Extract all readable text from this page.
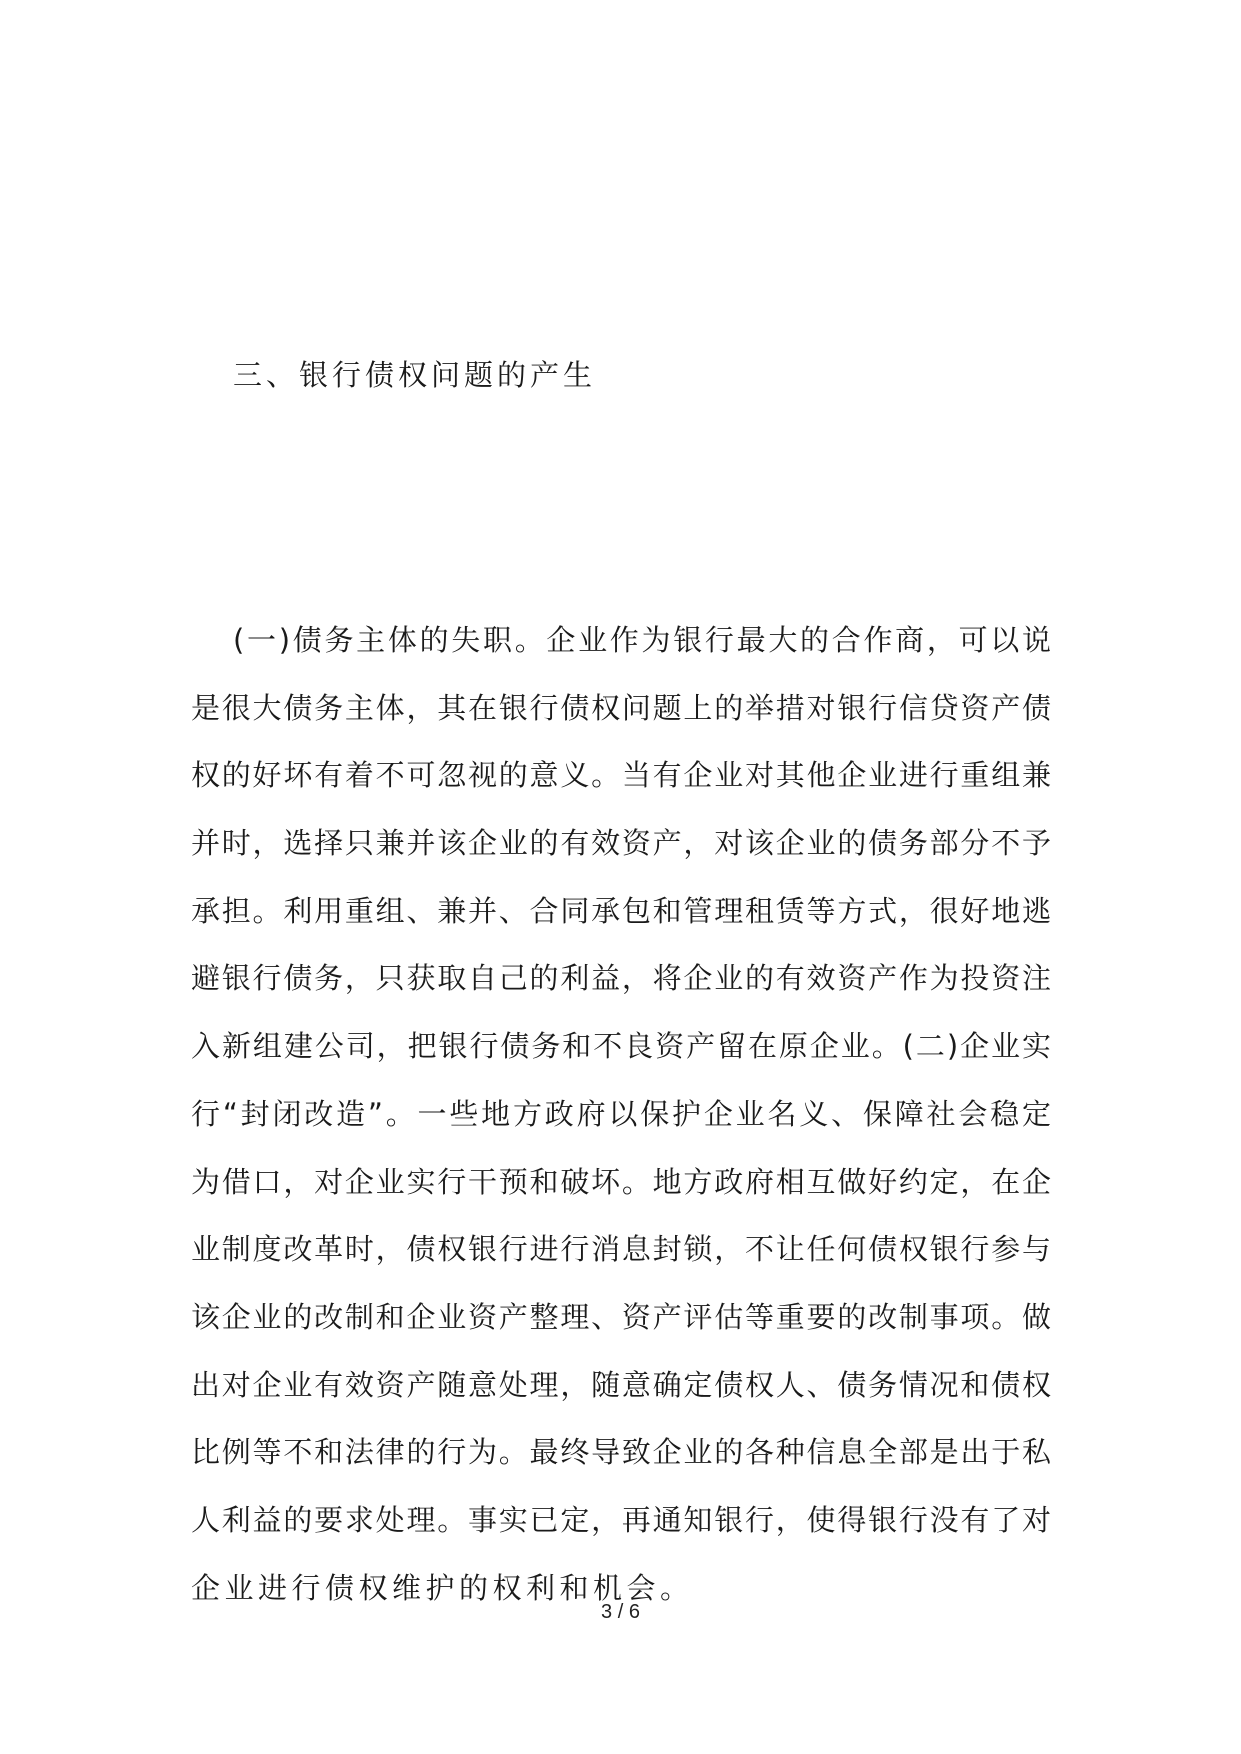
三、银行债权问题的产生
(一)债务主体的失职。企业作为银行最大的合作商，可以说
是很大债务主体，其在银行债权问题上的举措对银行信贷资产债
权的好坏有着不可忽视的意义。当有企业对其他企业进行重组兼
并时，选择只兼并该企业的有效资产，对该企业的债务部分不予
承担。利用重组、兼并、合同承包和管理租赁等方式，很好地逃
避银行债务，只获取自己的利益，将企业的有效资产作为投资注
入新组建公司，把银行债务和不良资产留在原企业。(二)企业实
行“封闭改造”。一些地方政府以保护企业名义、保障社会稳定
为借口，对企业实行干预和破坏。地方政府相互做好约定，在企
业制度改革时，债权银行进行消息封锁，不让任何债权银行参与
该企业的改制和企业资产整理、资产评估等重要的改制事项。做
出对企业有效资产随意处理，随意确定债权人、债务情况和债权
比例等不和法律的行为。最终导致企业的各种信息全部是出于私
人利益的要求处理。事实已定，再通知银行，使得银行没有了对
企业进行债权维护的权利和机会。
3 / 6
